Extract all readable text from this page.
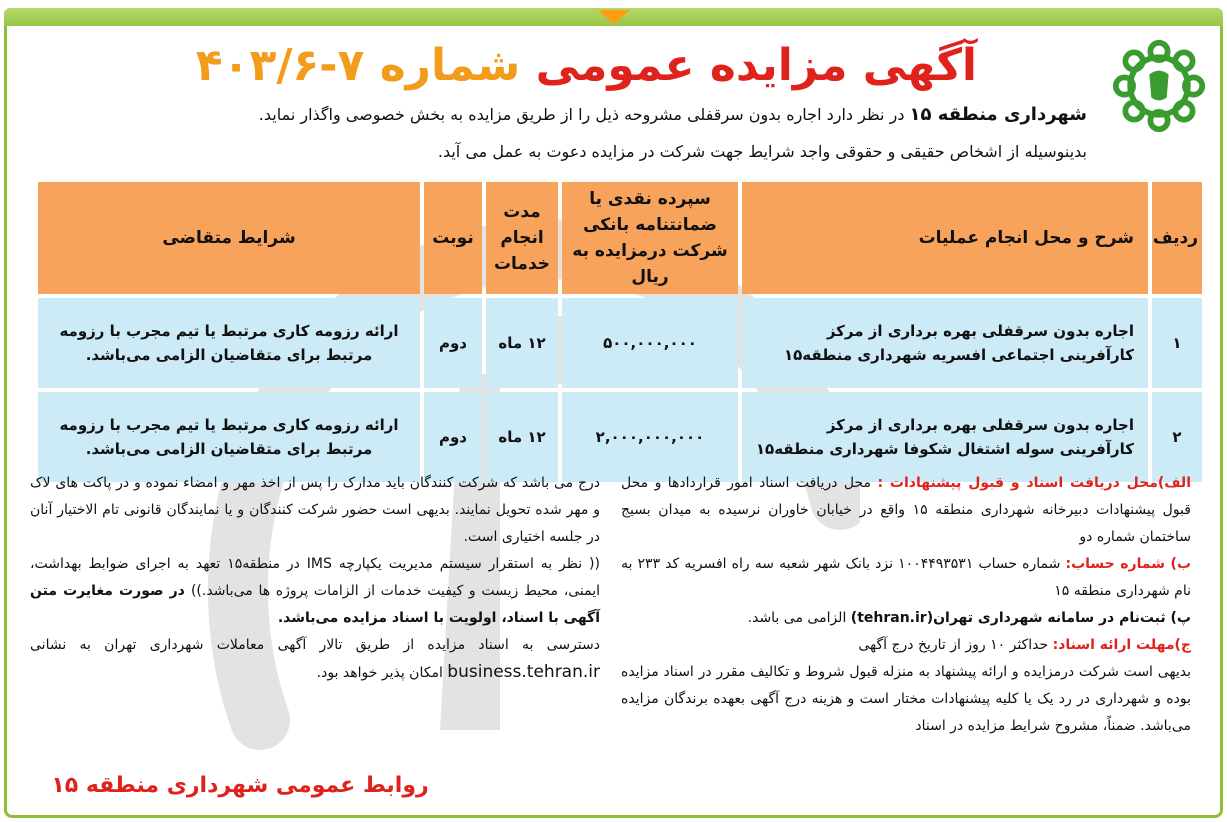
آگهی مزایده عمومی شماره ۷-۴۰۳/۶
شهرداری منطقه ۱۵ در نظر دارد اجاره بدون سرقفلی مشروحه ذیل را از طریق مزایده به بخش خصوصی واگذار نماید.
بدینوسیله از اشخاص حقیقی و حقوقی واجد شرایط جهت شرکت در مزایده دعوت به عمل می آید.
ردیف	شرح و محل انجام عملیات	سپرده نقدی یا ضمانتنامه بانکی شرکت درمزایده به ریال	مدت انجام خدمات	نوبت	شرایط متقاضی
۱	اجاره بدون سرقفلی بهره برداری از مرکز کارآفرینی اجتماعی افسریه شهرداری منطقه۱۵	۵۰۰,۰۰۰,۰۰۰	۱۲ ماه	دوم	ارائه رزومه کاری مرتبط یا تیم مجرب با رزومه مرتبط برای متقاضیان الزامی می‌باشد.
۲	اجاره بدون سرقفلی بهره برداری از مرکز کارآفرینی سوله اشتغال شکوفا شهرداری منطقه۱۵	۲,۰۰۰,۰۰۰,۰۰۰	۱۲ ماه	دوم	ارائه رزومه کاری مرتبط یا تیم مجرب با رزومه مرتبط برای متقاضیان الزامی می‌باشد.
الف)محل دریافت اسناد و قبول پیشنهادات : محل دریافت اسناد امور قراردادها و محل قبول پیشنهادات دبیرخانه شهرداری منطقه ۱۵ واقع در خیابان خاوران نرسیده به میدان بسیج ساختمان شماره دو
ب) شماره حساب: شماره حساب ۱۰۰۴۴۹۳۵۳۱ نزد بانک شهر شعبه سه راه افسریه کد ۲۳۳ به نام شهرداری منطقه ۱۵
پ) ثبت‌نام در سامانه شهرداری تهران(tehran.ir) الزامی می باشد.
ج)مهلت ارائه اسناد: حداکثر ۱۰ روز از تاریخ درج آگهی
بدیهی است شرکت درمزایده و ارائه پیشنهاد به منزله قبول شروط و تکالیف مقرر در اسناد مزایده بوده و شهرداری در رد یک یا کلیه پیشنهادات مختار است و هزینه درج آگهی بعهده برندگان مزایده می‌باشد. ضمناً، مشروح شرایط مزایده در اسناد
درج می باشد که شرکت کنندگان باید مدارک را پس از اخذ مهر و امضاء نموده و در پاکت های لاک و مهر شده تحویل نمایند. بدیهی است حضور شرکت کنندگان و یا نمایندگان قانونی تام الاختیار آنان در جلسه اختیاری است.
(( نظر به استقرار سیستم مدیریت یکپارچه IMS در منطقه۱۵ تعهد به اجرای ضوابط بهداشت، ایمنی، محیط زیست و کیفیت خدمات از الزامات پروژه ها می‌باشد.)) در صورت مغایرت متن آگهی با اسناد، اولویت با اسناد مزایده می‌باشد.
دسترسی به اسناد مزایده از طریق تالار آگهی معاملات شهرداری تهران به نشانی business.tehran.ir امکان پذیر خواهد بود.
روابط عمومی شهرداری منطقه ۱۵
